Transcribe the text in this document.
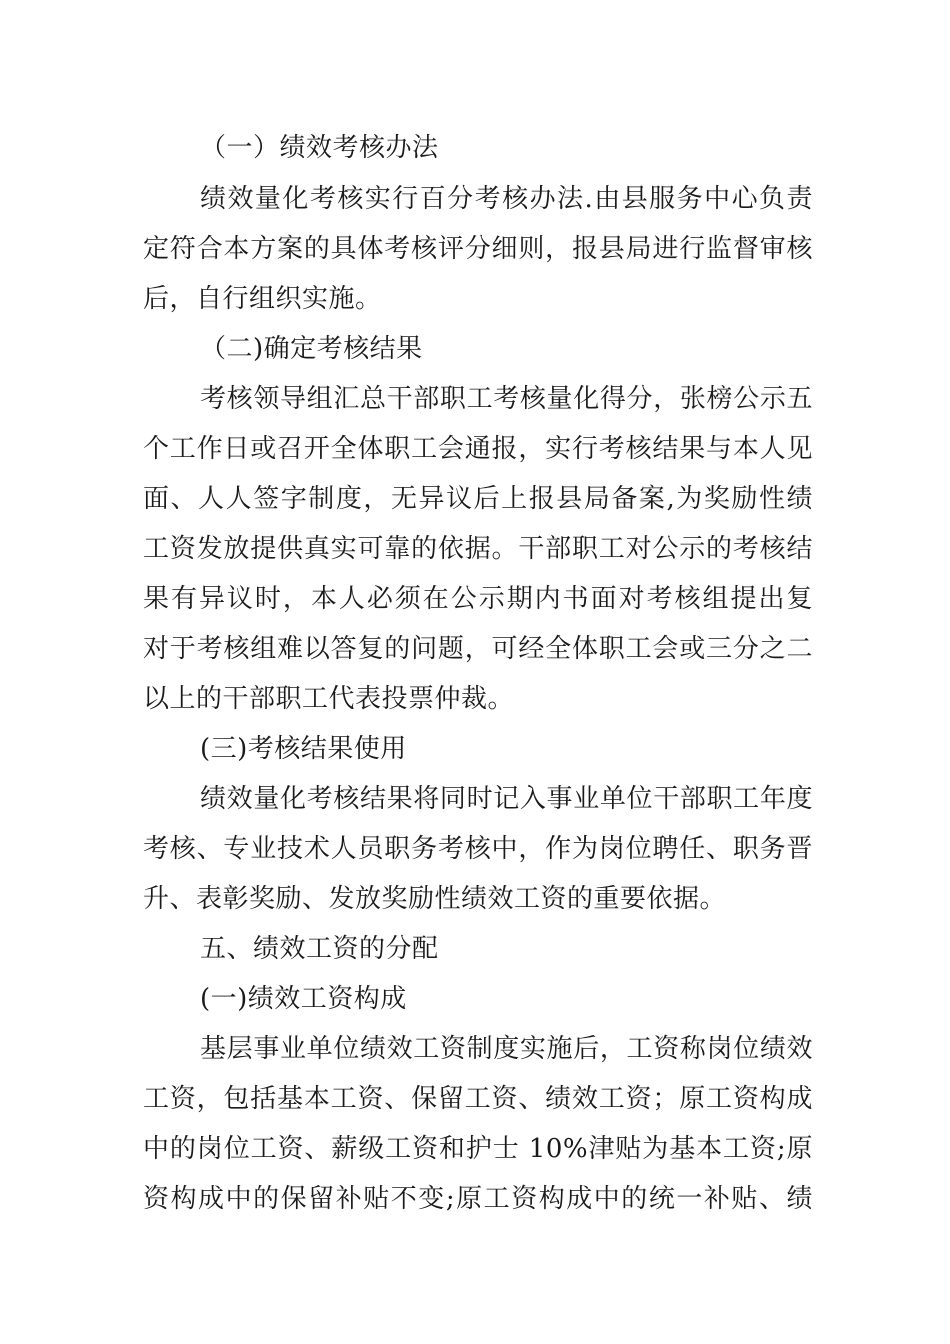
（一）绩效考核办法
绩效量化考核实行百分考核办法.由县服务中心负责
定符合本方案的具体考核评分细则，报县局进行监督审核
后，自行组织实施。
（二)确定考核结果
考核领导组汇总干部职工考核量化得分，张榜公示五
个工作日或召开全体职工会通报，实行考核结果与本人见
面、人人签字制度，无异议后上报县局备案,为奖励性绩
工资发放提供真实可靠的依据。干部职工对公示的考核结
果有异议时，本人必须在公示期内书面对考核组提出复
对于考核组难以答复的问题，可经全体职工会或三分之二
以上的干部职工代表投票仲裁。
(三)考核结果使用
绩效量化考核结果将同时记入事业单位干部职工年度
考核、专业技术人员职务考核中，作为岗位聘任、职务晋
升、表彰奖励、发放奖励性绩效工资的重要依据。
五、绩效工资的分配
(一)绩效工资构成
基层事业单位绩效工资制度实施后，工资称岗位绩效
工资，包括基本工资、保留工资、绩效工资；原工资构成
中的岗位工资、薪级工资和护士 10%津贴为基本工资;原
资构成中的保留补贴不变;原工资构成中的统一补贴、绩
